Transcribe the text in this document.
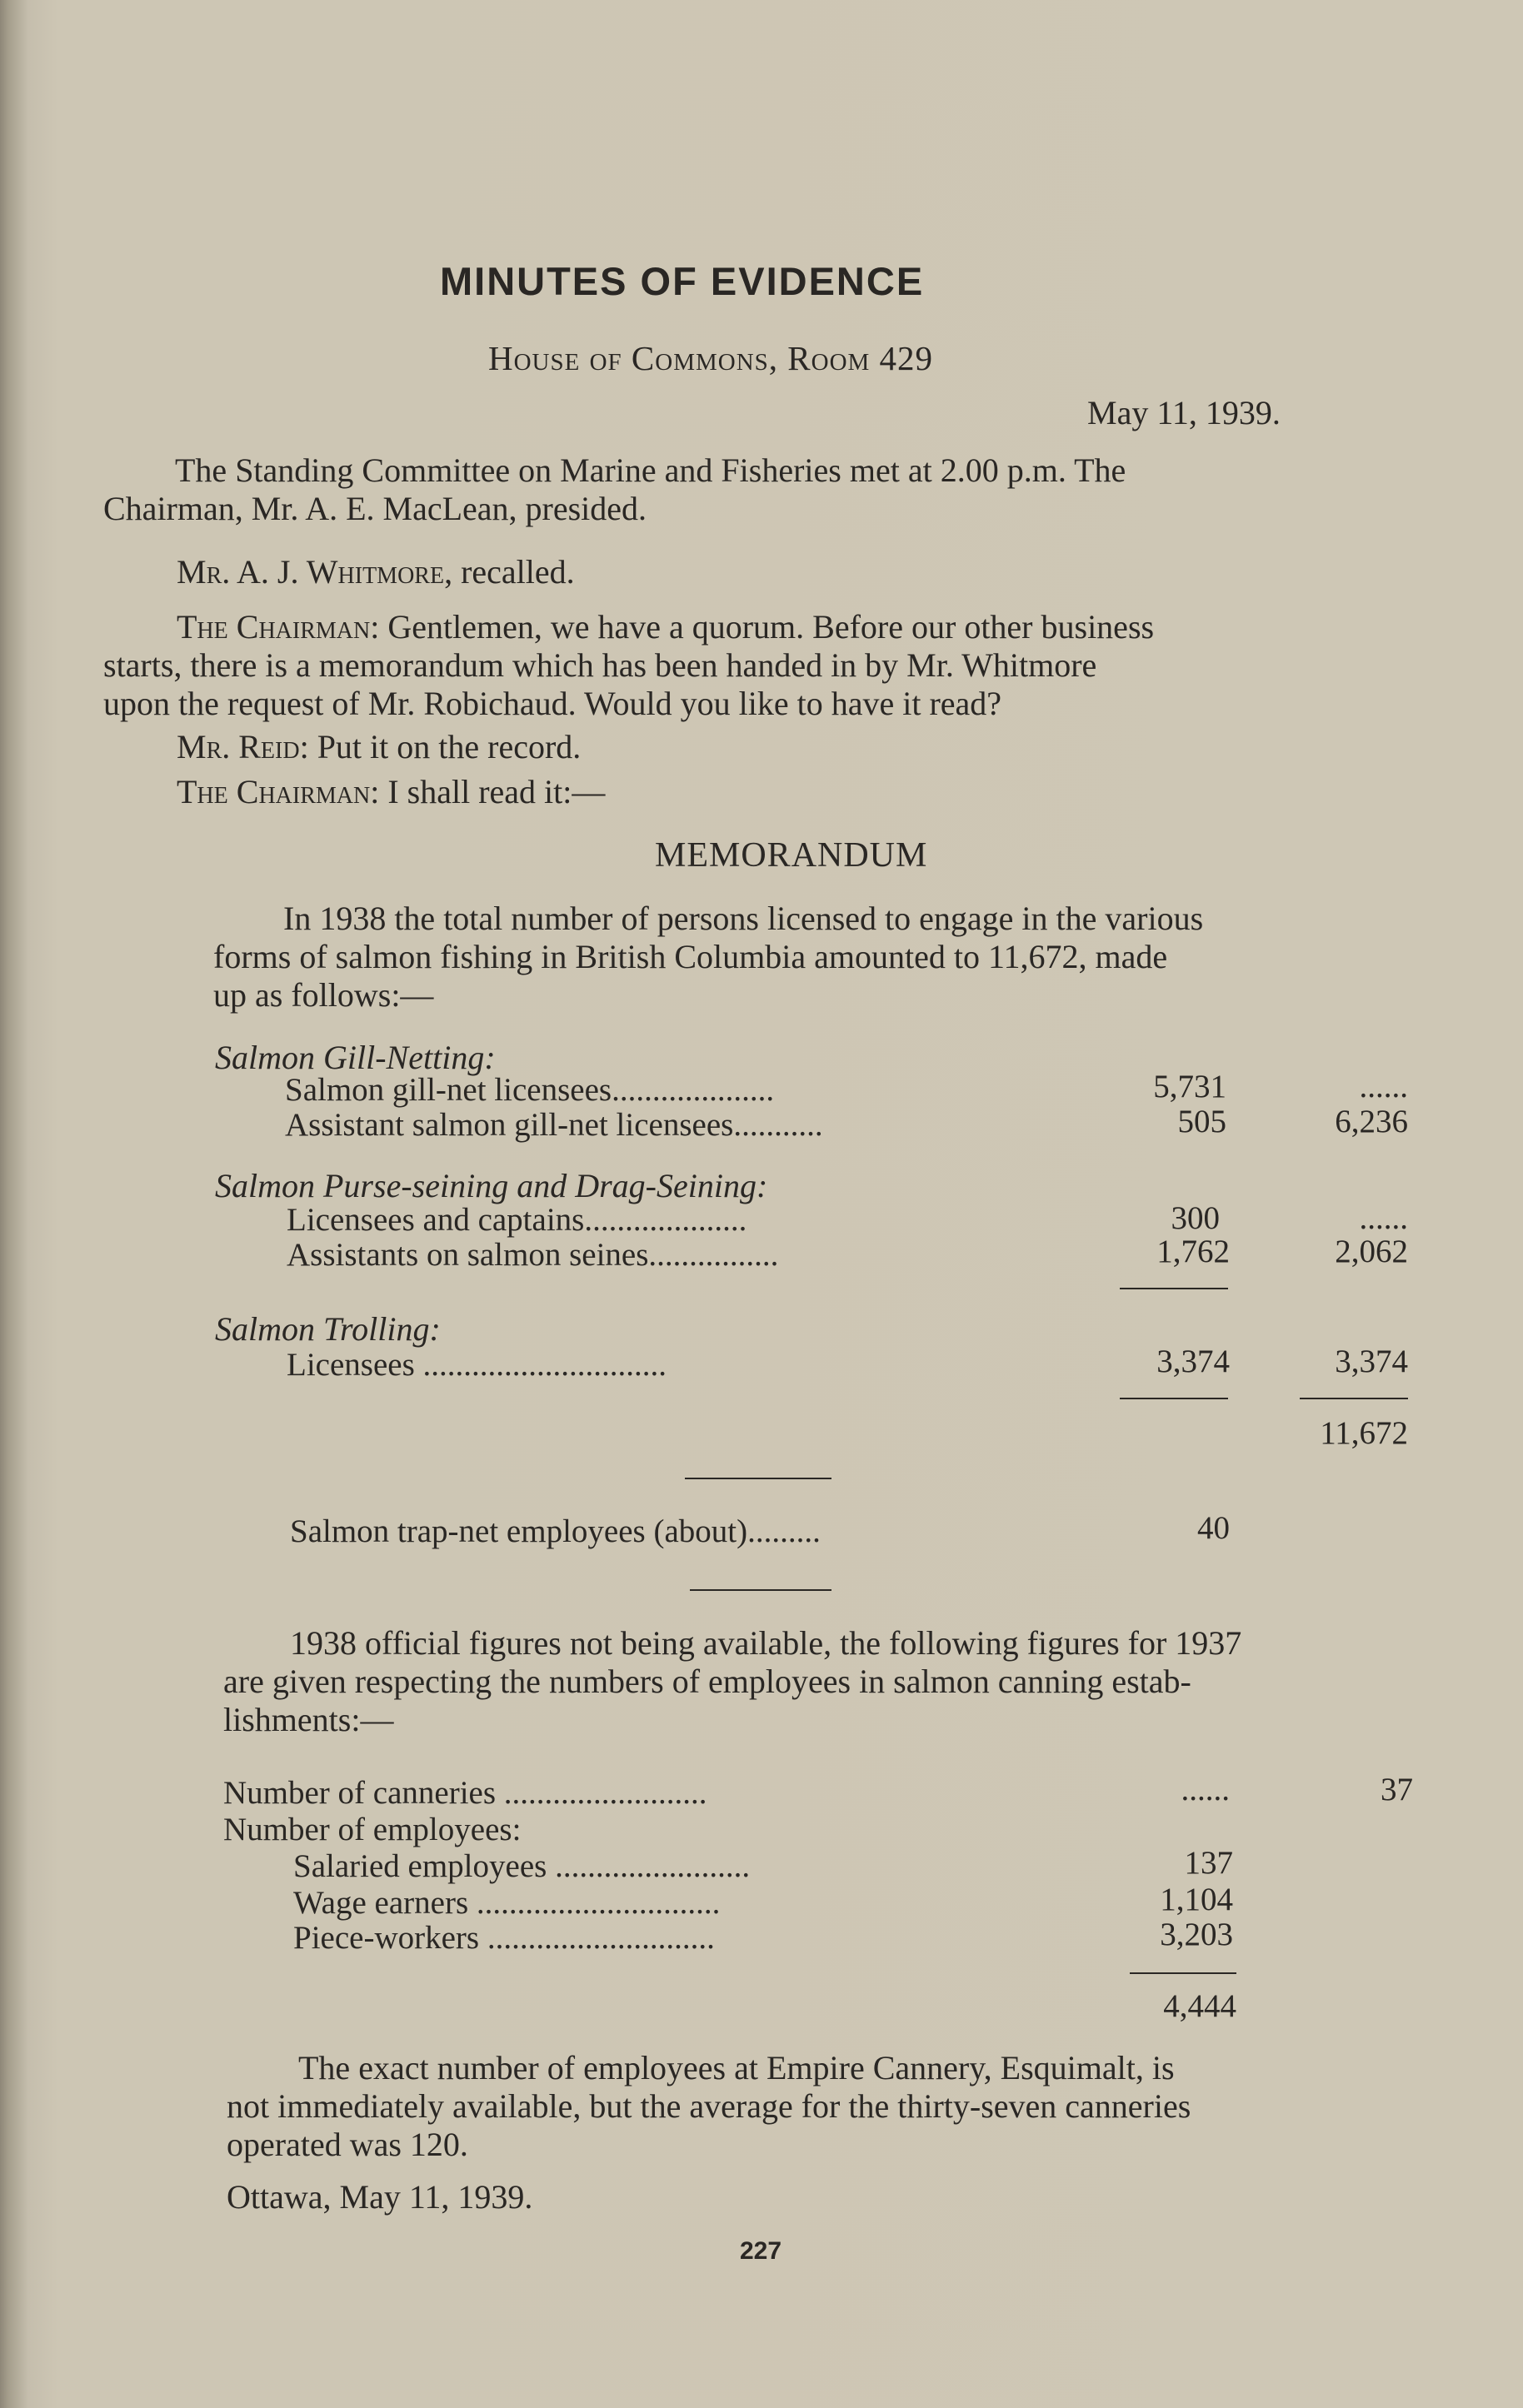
MINUTES OF EVIDENCE
House of Commons, Room 429
May 11, 1939.
The Standing Committee on Marine and Fisheries met at 2.00 p.m. The
Chairman, Mr. A. E. MacLean, presided.
Mr. A. J. Whitmore, recalled.
The Chairman: Gentlemen, we have a quorum. Before our other business
starts, there is a memorandum which has been handed in by Mr. Whitmore
upon the request of Mr. Robichaud. Would you like to have it read?
Mr. Reid: Put it on the record.
The Chairman: I shall read it:—
MEMORANDUM
In 1938 the total number of persons licensed to engage in the various
forms of salmon fishing in British Columbia amounted to 11,672, made
up as follows:—
Salmon Gill-Netting:
Salmon gill-net licensees....................	5,731	......
Assistant salmon gill-net licensees...........	505	6,236
Salmon Purse-seining and Drag-Seining:
Licensees and captains....................	300	......
Assistants on salmon seines................	1,762	2,062
Salmon Trolling:
Licensees ..............................	3,374	3,374
11,672
Salmon trap-net employees (about).........	40
1938 official figures not being available, the following figures for 1937
are given respecting the numbers of employees in salmon canning estab-
lishments:—
Number of canneries .........................	......	37
Number of employees:
Salaried employees ........................	137
Wage earners ..............................	1,104
Piece-workers ............................	3,203
4,444
The exact number of employees at Empire Cannery, Esquimalt, is
not immediately available, but the average for the thirty-seven canneries
operated was 120.
Ottawa, May 11, 1939.
227
